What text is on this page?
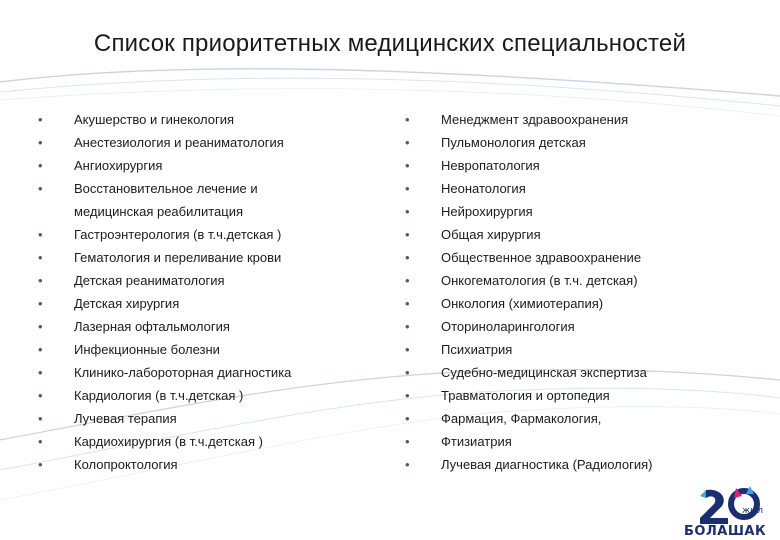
Список приоритетных медицинских специальностей
• Акушерство и гинекология
• Анестезиология и реаниматология
• Ангиохирургия
• Восстановительное лечение и
медицинская реабилитация
• Гастроэнтерология (в т.ч.детская )
• Гематология и переливание крови
• Детская реаниматология
• Детская хирургия
• Лазерная офтальмология
• Инфекционные болезни
• Клинико-лабороторная диагностика
• Кардиология (в т.ч.детская )
• Лучевая терапия
• Кардиохирургия (в т.ч.детская )
• Колопроктология
• Менеджмент здравоохранения
• Пульмонология детская
• Невропатология
• Неонатология
• Нейрохирургия
• Общая хирургия
• Общественное здравоохранение
• Онкогематология (в т.ч. детская)
• Онкология (химиотерапия)
• Оториноларингология
• Психиатрия
• Судебно-медицинская экспертиза
• Травматология и ортопедия
• Фармация, Фармакология,
• Фтизиатрия
• Лучевая диагностика (Радиология)
жыл
БОЛАШАК
